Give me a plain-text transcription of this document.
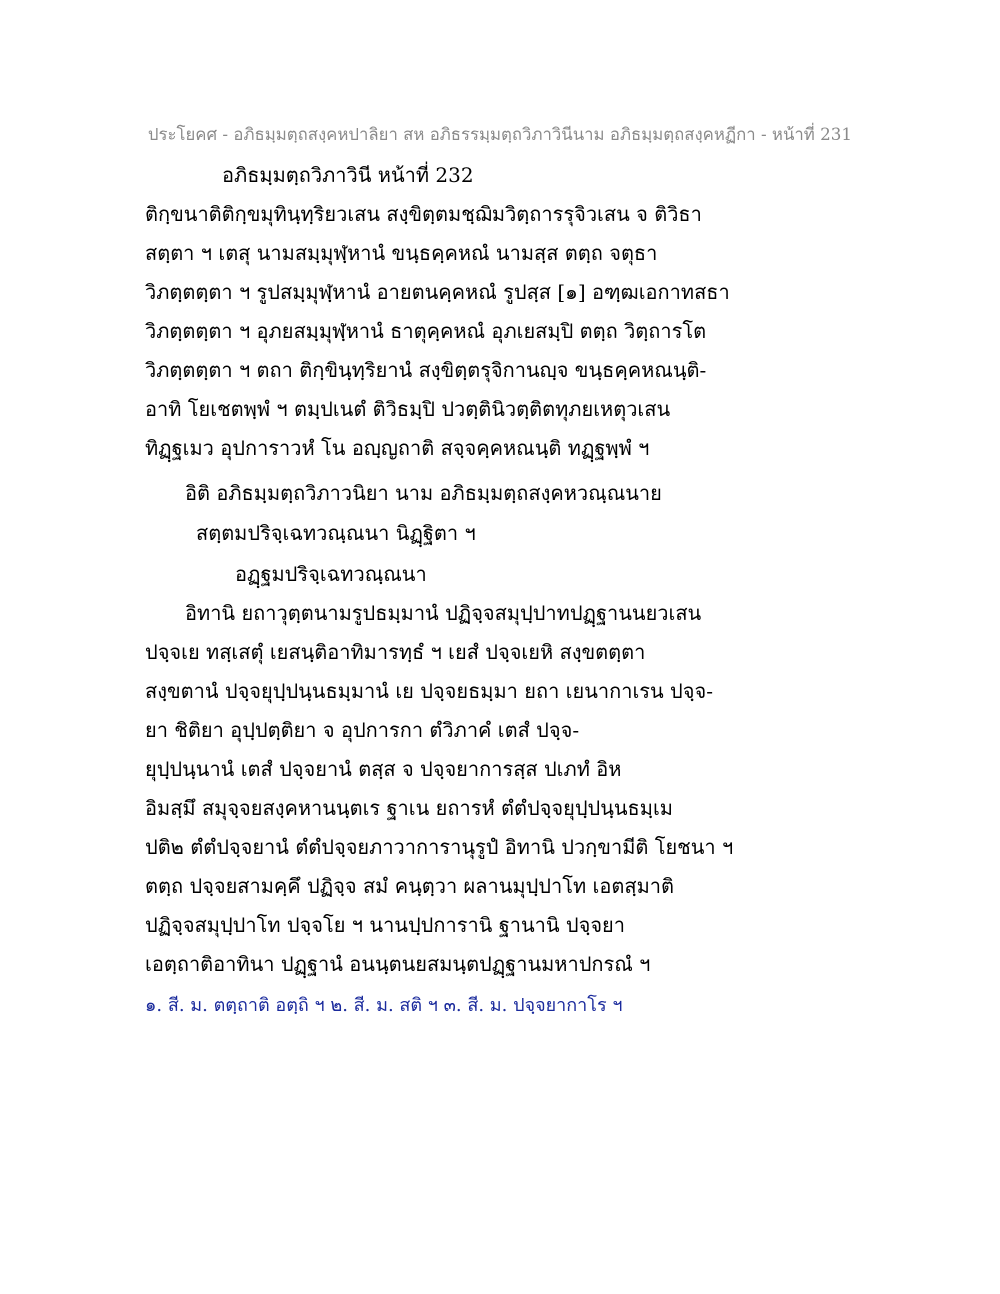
ประโยคศ - อภิธมฺมตฺถสงฺคหปาลิยา สห อภิธรรมฺมตฺถวิภาวินีนาม อภิธมฺมตฺถสงฺคหฏีกา - หน้าที่ 231
อภิธมฺมตฺถวิภาวินี หน้าที่ 232
ติกฺขนาติติกฺขมุทินฺทฺริยวเสน สงฺขิตฺตมชฺฌิมวิตฺถารรุจิวเสน จ ติวิธา
สตฺตา ฯ เตสุ นามสมฺมุฬฺหานํ ขนฺธคฺคหณํ นามสฺส ตตฺถ จตุธา
วิภตฺตตฺตา ฯ รูปสมฺมุฬฺหานํ อายตนคฺคหณํ รูปสฺส [๑] อฑฺฒเอกาทสธา
วิภตฺตตฺตา ฯ อุภยสมฺมุฬฺหานํ ธาตุคฺคหณํ อุภเยสมฺปิ ตตฺถ วิตฺถารโต
วิภตฺตตฺตา ฯ ตถา ติกฺขินฺทฺริยานํ สงฺขิตฺตรุจิกานญฺจ ขนฺธคฺคหณนฺติ-
อาทิ โยเชตพฺพํ ฯ ตมฺปเนตํ ติวิธมฺปิ ปวตฺตินิวตฺติตทุภยเหตุวเสน
ทิฏฺฐเมว อุปการาวหํ โน อญฺญถาติ สจฺจคฺคหณนฺติ ทฏฺฐพฺพํ ฯ
อิติ อภิธมฺมตฺถวิภาวนิยา นาม อภิธมฺมตฺถสงฺคหวณฺณนาย
สตฺตมปริจฺเฉทวณฺณนา นิฏฺฐิตา ฯ
อฏฺฐมปริจฺเฉทวณฺณนา
อิทานิ ยถาวุตฺตนามรูปธมฺมานํ ปฏิจฺจสมุปฺปาทปฏฺฐานนยวเสน
ปจฺจเย ทสฺเสตุํ เยสนฺติอาทิมารทฺธํ ฯ เยสํ ปจฺจเยหิ สงฺขตตฺตา
สงฺขตานํ ปจฺจยุปฺปนฺนธมฺมานํ เย ปจฺจยธมฺมา ยถา เยนากาเรน ปจฺจ-
ยา ชิติยา อุปฺปตฺติยา จ อุปการกา ตํวิภาคํ เตสํ ปจฺจ-
ยุปฺปนฺนานํ เตสํ ปจฺจยานํ ตสฺส จ ปจฺจยาการสฺส ปเภทํ อิห
อิมสฺมึ สมุจฺจยสงฺคหานนฺตเร ฐาเน ยถารหํ ตํตํปจฺจยุปฺปนฺนธมฺเม
ปติ๒ ตํตํปจฺจยานํ ตํตํปจฺจยภาวาการานุรูปํ อิทานิ ปวกฺขามีติ โยชนา ฯ
ตตฺถ ปจฺจยสามคฺคึ ปฏิจฺจ สมํ คนฺตฺวา ผลานมุปฺปาโท เอตสฺมาติ
ปฏิจฺจสมุปฺปาโท ปจฺจโย ฯ นานปฺปการานิ ฐานานิ ปจฺจยา
เอตฺถาติอาทินา ปฏฺฐานํ อนนฺตนยสมนฺตปฏฺฐานมหาปกรณํ ฯ
๑. สี. ม. ตตฺถาติ อตฺถิ ฯ ๒. สี. ม. สติ ฯ ๓. สี. ม. ปจฺจยากาโร ฯ
